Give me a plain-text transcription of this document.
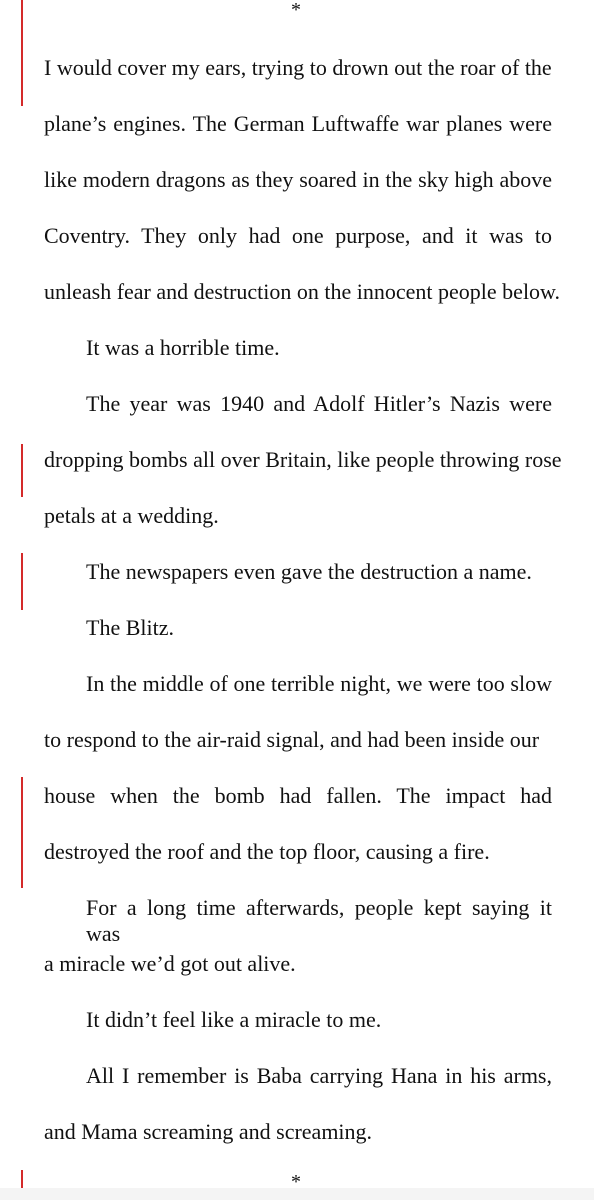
*

I would cover my ears, trying to drown out the roar of the

plane’s engines. The German Luftwaffe war planes were

like modern dragons as they soared in the sky high above

Coventry. They only had one purpose, and it was to

unleash fear and destruction on the innocent people below.

It was a horrible time.

The year was 1940 and Adolf Hitler’s Nazis were

dropping bombs all over Britain, like people throwing rose

petals at a wedding.

The newspapers even gave the destruction a name.

The Blitz.

In the middle of one terrible night, we were too slow

to respond to the air-raid signal, and had been inside our

house when the bomb had fallen. The impact had

destroyed the roof and the top floor, causing a fire.

For a long time afterwards, people kept saying it was

a miracle we’d got out alive.

It didn’t feel like a miracle to me.

All I remember is Baba carrying Hana in his arms,

and Mama screaming and screaming.

*
